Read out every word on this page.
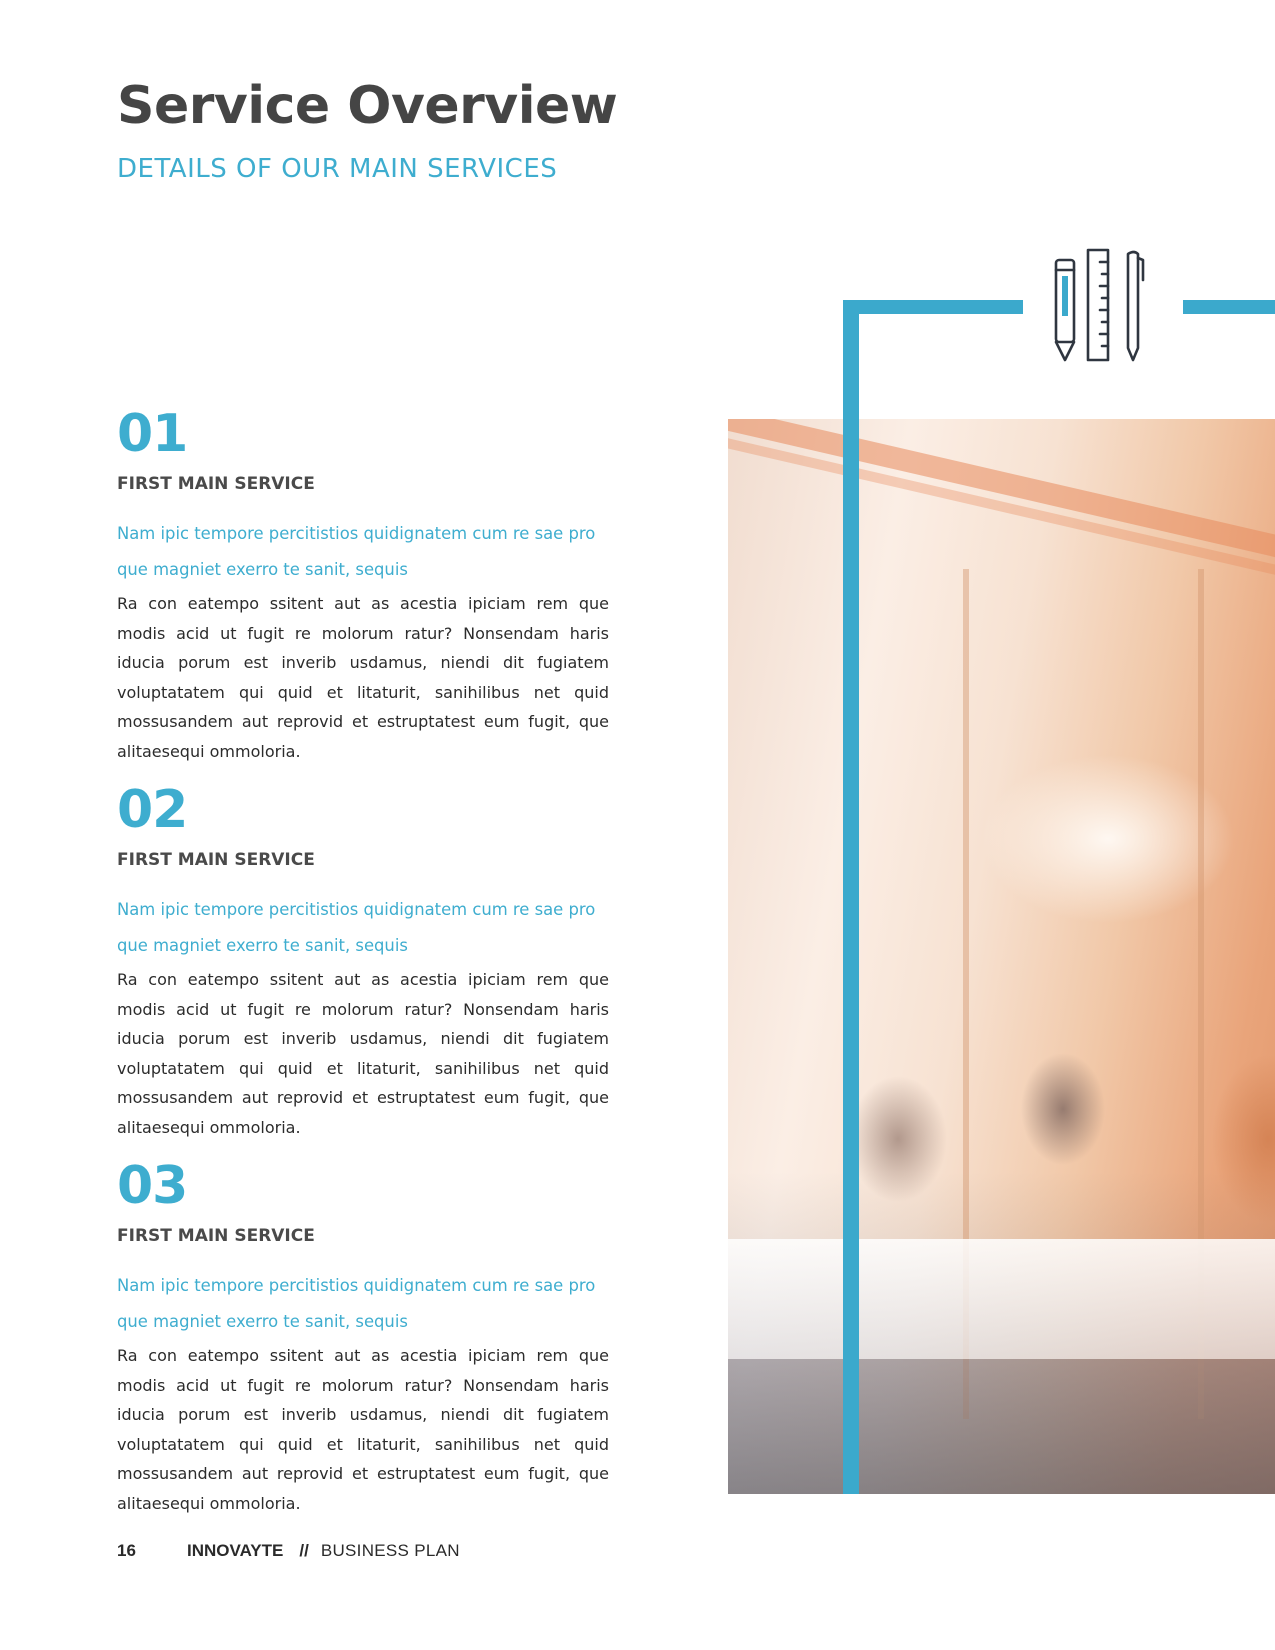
Service Overview
DETAILS OF OUR MAIN SERVICES
01
FIRST MAIN SERVICE
Nam ipic tempore percitistios quidignatem cum re sae pro que magniet exerro te sanit, sequis
Ra con eatempo ssitent aut as acestia ipiciam rem que modis acid ut fugit re molorum ratur? Nonsendam haris iducia porum est inverib usdamus, niendi dit fugiatem voluptatatem qui quid et litaturit, sanihilibus net quid mossusandem aut reprovid et estruptatest eum fugit, que alitaesequi ommoloria.
02
FIRST MAIN SERVICE
Nam ipic tempore percitistios quidignatem cum re sae pro que magniet exerro te sanit, sequis
Ra con eatempo ssitent aut as acestia ipiciam rem que modis acid ut fugit re molorum ratur? Nonsendam haris iducia porum est inverib usdamus, niendi dit fugiatem voluptatatem qui quid et litaturit, sanihilibus net quid mossusandem aut reprovid et estruptatest eum fugit, que alitaesequi ommoloria.
03
FIRST MAIN SERVICE
Nam ipic tempore percitistios quidignatem cum re sae pro que magniet exerro te sanit, sequis
Ra con eatempo ssitent aut as acestia ipiciam rem que modis acid ut fugit re molorum ratur? Nonsendam haris iducia porum est inverib usdamus, niendi dit fugiatem voluptatatem qui quid et litaturit, sanihilibus net quid mossusandem aut reprovid et estruptatest eum fugit, que alitaesequi ommoloria.
16	INNOVAYTE // BUSINESS PLAN
